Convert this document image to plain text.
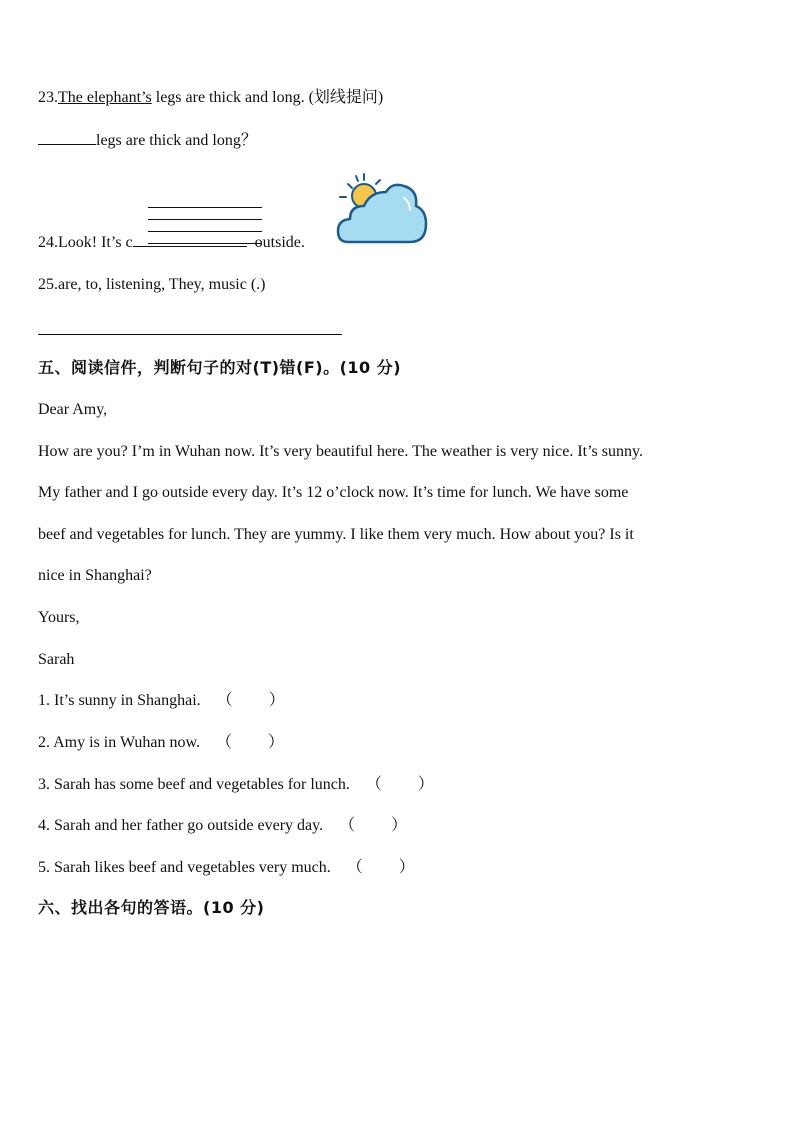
23.The elephant’s legs are thick and long. (划线提问)
legs are thick and long？
24.Look! It’s c	outside.
25.are, to, listening, They, music (.)
五、阅读信件，判断句子的对(T)错(F)。(10 分)
Dear Amy,
How are you? I’m in Wuhan now. It’s very beautiful here. The weather is very nice. It’s sunny.
My father and I go outside every day. It’s 12 o’clock now. It’s time for lunch. We have some
beef and vegetables for lunch. They are yummy. I like them very much. How about you? Is it
nice in Shanghai?
Yours,
Sarah
1. It’s sunny in Shanghai. （ ）
2. Amy is in Wuhan now. （ ）
3. Sarah has some beef and vegetables for lunch. （ ）
4. Sarah and her father go outside every day. （ ）
5. Sarah likes beef and vegetables very much. （ ）
六、找出各句的答语。(10 分)
